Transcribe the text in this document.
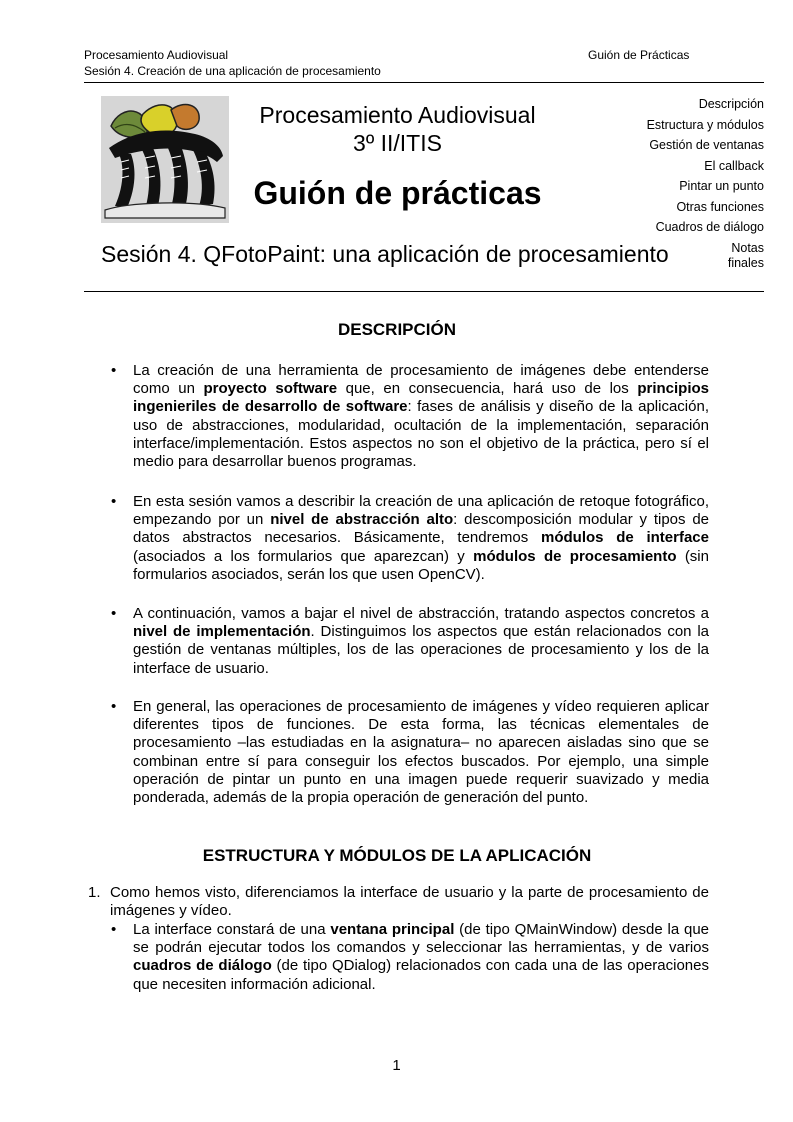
Procesamiento Audiovisual
Sesión 4. Creación de una aplicación de procesamiento
Guión de Prácticas
Procesamiento Audiovisual
3º II/ITIS
Guión de prácticas
Sesión 4. QFotoPaint: una aplicación de procesamiento
Descripción
Estructura y módulos
Gestión de ventanas
El callback
Pintar un punto
Otras funciones
Cuadros de diálogo
Notas
finales
DESCRIPCIÓN
• La creación de una herramienta de procesamiento de imágenes debe entenderse como un proyecto software que, en consecuencia, hará uso de los principios ingenieriles de desarrollo de software: fases de análisis y diseño de la aplicación, uso de abstracciones, modularidad, ocultación de la implementación, separación interface/implementación. Estos aspectos no son el objetivo de la práctica, pero sí el medio para desarrollar buenos programas.
• En esta sesión vamos a describir la creación de una aplicación de retoque fotográfico, empezando por un nivel de abstracción alto: descomposición modular y tipos de datos abstractos necesarios. Básicamente, tendremos módulos de interface (asociados a los formularios que aparezcan) y módulos de procesamiento (sin formularios asociados, serán los que usen OpenCV).
• A continuación, vamos a bajar el nivel de abstracción, tratando aspectos concretos a nivel de implementación. Distinguimos los aspectos que están relacionados con la gestión de ventanas múltiples, los de las operaciones de procesamiento y los de la interface de usuario.
• En general, las operaciones de procesamiento de imágenes y vídeo requieren aplicar diferentes tipos de funciones. De esta forma, las técnicas elementales de procesamiento –las estudiadas en la asignatura– no aparecen aisladas sino que se combinan entre sí para conseguir los efectos buscados. Por ejemplo, una simple operación de pintar un punto en una imagen puede requerir suavizado y media ponderada, además de la propia operación de generación del punto.
ESTRUCTURA Y MÓDULOS DE LA APLICACIÓN
1. Como hemos visto, diferenciamos la interface de usuario y la parte de procesamiento de imágenes y vídeo.
• La interface constará de una ventana principal (de tipo QMainWindow) desde la que se podrán ejecutar todos los comandos y seleccionar las herramientas, y de varios cuadros de diálogo (de tipo QDialog) relacionados con cada una de las operaciones que necesiten información adicional.
1
